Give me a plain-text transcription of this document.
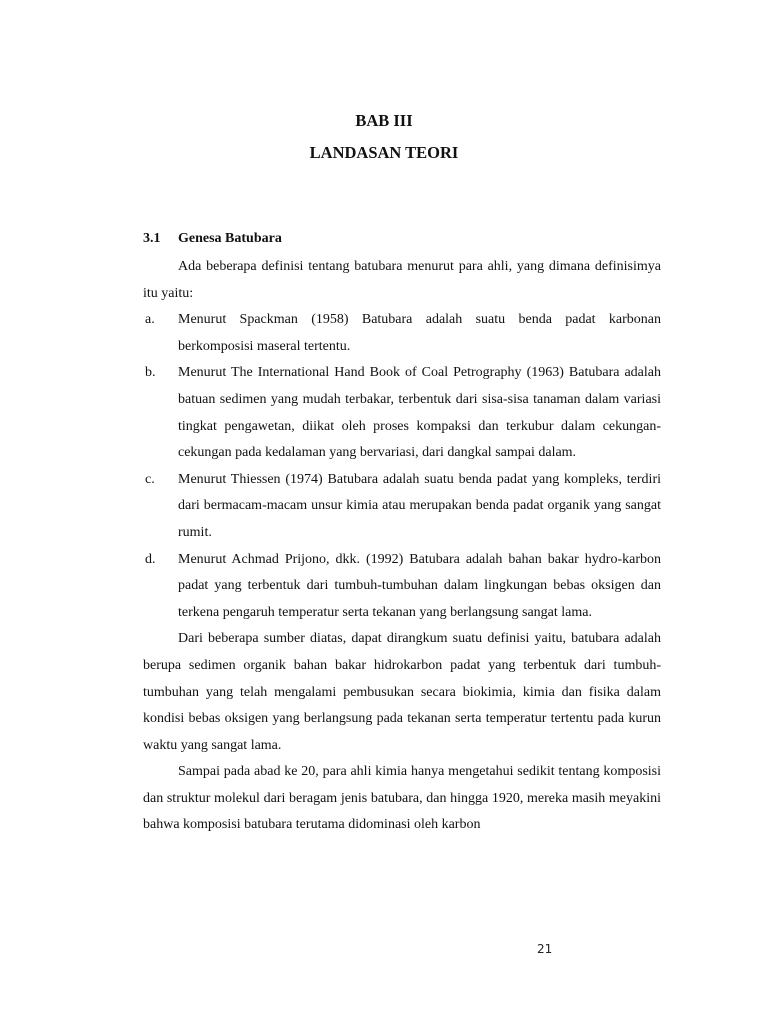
BAB III
LANDASAN TEORI
3.1 Genesa Batubara

Ada beberapa definisi tentang batubara menurut para ahli, yang dimana definisimya itu yaitu:

a. Menurut Spackman (1958) Batubara adalah suatu benda padat karbonan berkomposisi maseral tertentu.
b. Menurut The International Hand Book of Coal Petrography (1963) Batubara adalah batuan sedimen yang mudah terbakar, terbentuk dari sisa-sisa tanaman dalam variasi tingkat pengawetan, diikat oleh proses kompaksi dan terkubur dalam cekungan-cekungan pada kedalaman yang bervariasi, dari dangkal sampai dalam.
c. Menurut Thiessen (1974) Batubara adalah suatu benda padat yang kompleks, terdiri dari bermacam-macam unsur kimia atau merupakan benda padat organik yang sangat rumit.
d. Menurut Achmad Prijono, dkk. (1992) Batubara adalah bahan bakar hydro-karbon padat yang terbentuk dari tumbuh-tumbuhan dalam lingkungan bebas oksigen dan terkena pengaruh temperatur serta tekanan yang berlangsung sangat lama.

Dari beberapa sumber diatas, dapat dirangkum suatu definisi yaitu, batubara adalah berupa sedimen organik bahan bakar hidrokarbon padat yang terbentuk dari tumbuh-tumbuhan yang telah mengalami pembusukan secara biokimia, kimia dan fisika dalam kondisi bebas oksigen yang berlangsung pada tekanan serta temperatur tertentu pada kurun waktu yang sangat lama.

Sampai pada abad ke 20, para ahli kimia hanya mengetahui sedikit tentang komposisi dan struktur molekul dari beragam jenis batubara, dan hingga 1920, mereka masih meyakini bahwa komposisi batubara terutama didominasi oleh karbon

21
